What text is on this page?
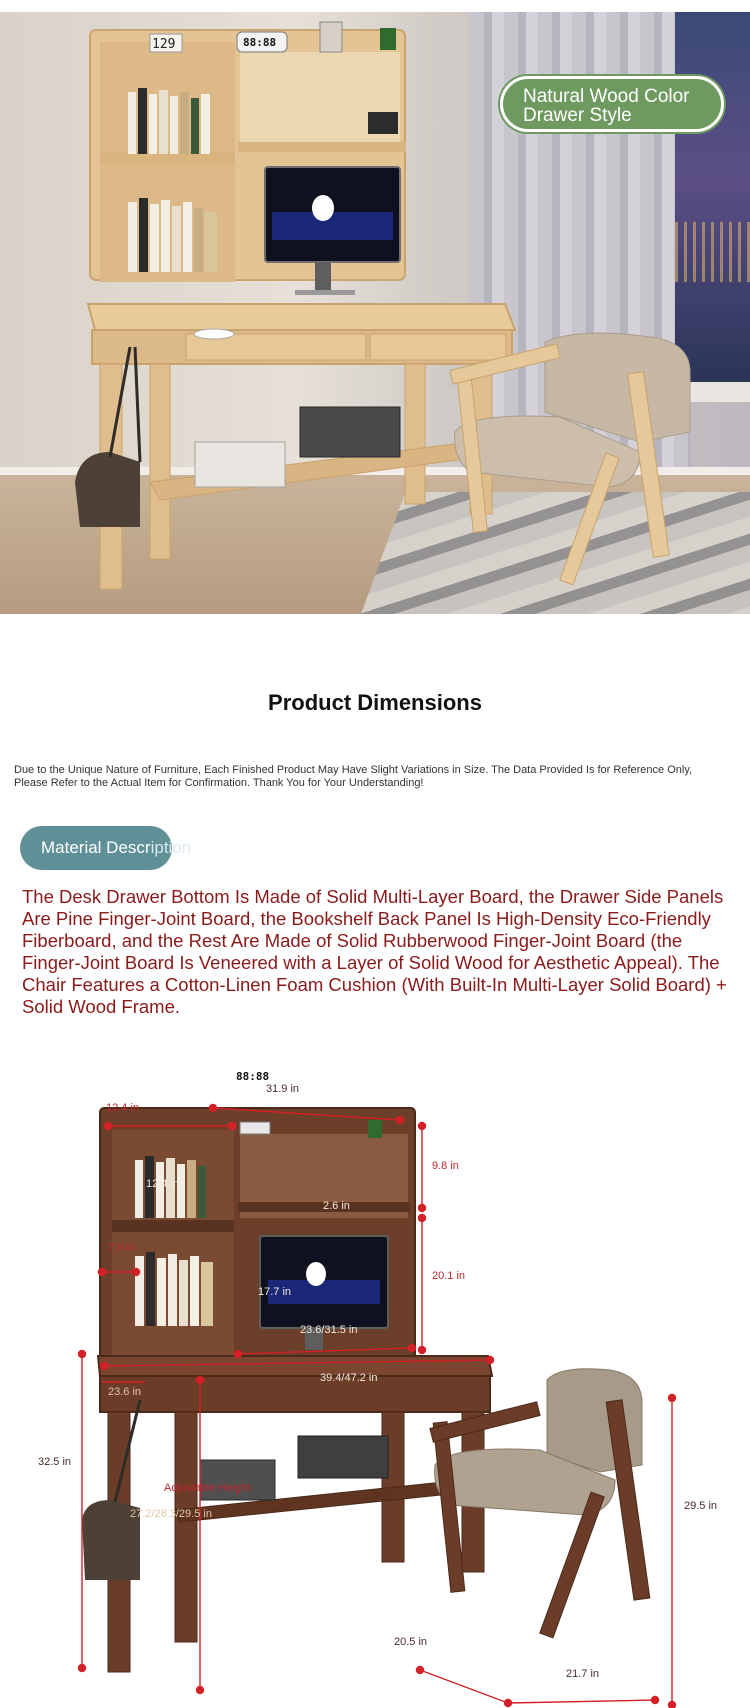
129	88:88
Natural Wood Color
Drawer Style
Product Dimensions
Due to the Unique Nature of Furniture, Each Finished Product May Have Slight Variations in Size. The Data Provided Is for Reference Only, Please Refer to the Actual Item for Confirmation. Thank You for Your Understanding!
Material Description
The Desk Drawer Bottom Is Made of Solid Multi-Layer Board, the Drawer Side Panels Are Pine Finger-Joint Board, the Bookshelf Back Panel Is High-Density Eco-Friendly Fiberboard, and the Rest Are Made of Solid Rubberwood Finger-Joint Board (the Finger-Joint Board Is Veneered with a Layer of Solid Wood for Aesthetic Appeal). The Chair Features a Cotton-Linen Foam Cushion (With Built-In Multi-Layer Solid Board) + Solid Wood Frame.
88:88
31.9 in
12.4 in
12.4 in
9.8 in
2.6 in
7.9 in
20.1 in
17.7 in
23.6/31.5 in
23.6 in
39.4/47.2 in
32.5 in
Adjustable Height
27.2/28.3/29.5 in
29.5 in
20.5 in
21.7 in
